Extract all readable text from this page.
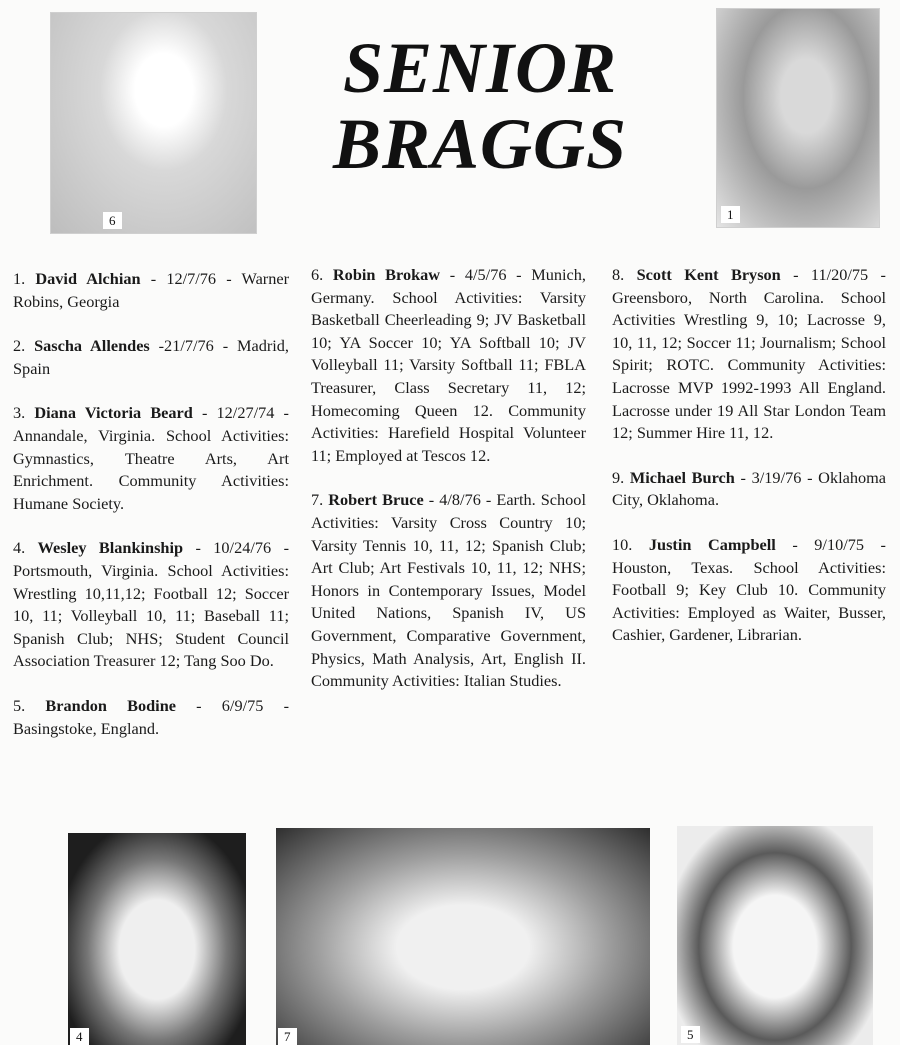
SENIOR
BRAGGS
6	1

1. David Alchian - 12/7/76 - Warner Robins, Georgia

2. Sascha Allendes -21/7/76 - Madrid, Spain

3. Diana Victoria Beard - 12/27/74 - Annandale, Virginia. School Activities: Gymnastics, Theatre Arts, Art Enrichment. Community Activities: Humane Society.

4. Wesley Blankinship - 10/24/76 - Portsmouth, Virginia. School Activities: Wrestling 10,11,12; Football 12; Soccer 10, 11; Volleyball 10, 11; Baseball 11; Spanish Club; NHS; Student Council Association Treasurer 12; Tang Soo Do.

5. Brandon Bodine - 6/9/75 - Basingstoke, England.

6. Robin Brokaw - 4/5/76 - Munich, Germany. School Activities: Varsity Basketball Cheerleading 9; JV Basketball 10; YA Soccer 10; YA Softball 10; JV Volleyball 11; Varsity Softball 11; FBLA Treasurer, Class Secretary 11, 12; Homecoming Queen 12. Community Activities: Harefield Hospital Volunteer 11; Employed at Tescos 12.

7. Robert Bruce - 4/8/76 - Earth. School Activities: Varsity Cross Country 10; Varsity Tennis 10, 11, 12; Spanish Club; Art Club; Art Festivals 10, 11, 12; NHS; Honors in Contemporary Issues, Model United Nations, Spanish IV, US Government, Comparative Government, Physics, Math Analysis, Art, English II. Community Activities: Italian Studies.

8. Scott Kent Bryson - 11/20/75 - Greensboro, North Carolina. School Activities Wrestling 9, 10; Lacrosse 9, 10, 11, 12; Soccer 11; Journalism; School Spirit; ROTC. Community Activities: Lacrosse MVP 1992-1993 All England. Lacrosse under 19 All Star London Team 12; Summer Hire 11, 12.

9. Michael Burch - 3/19/76 - Oklahoma City, Oklahoma.

10. Justin Campbell - 9/10/75 - Houston, Texas. School Activities: Football 9; Key Club 10. Community Activities: Employed as Waiter, Busser, Cashier, Gardener, Librarian.

4	7	5
